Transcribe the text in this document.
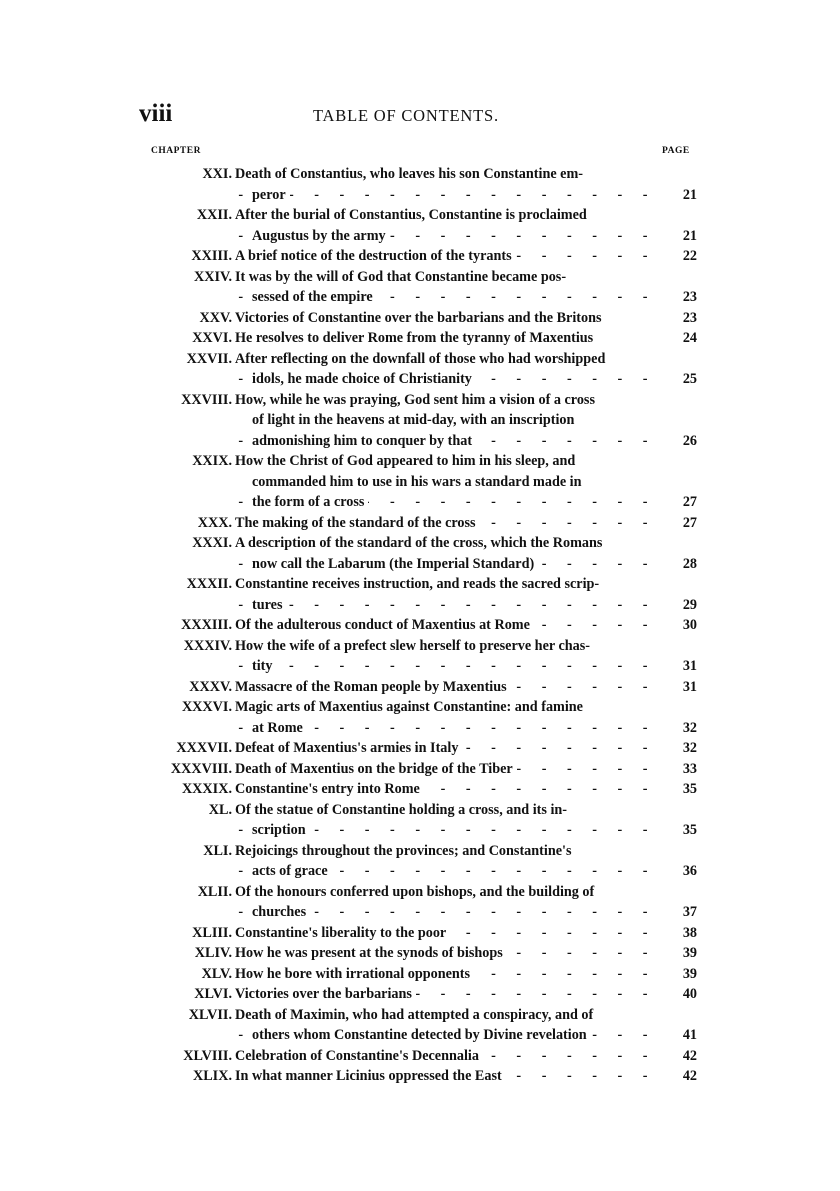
viii	TABLE OF CONTENTS.
CHAPTER	PAGE
XXI. Death of Constantius, who leaves his son Constantine em-
peror - - -	21
XXII. After the burial of Constantius, Constantine is proclaimed
Augustus by the army - - -	21
XXIII. A brief notice of the destruction of the tyrants - - -	22
XXIV. It was by the will of God that Constantine became pos-
sessed of the empire - - -	23
XXV. Victories of Constantine over the barbarians and the Britons	23
XXVI. He resolves to deliver Rome from the tyranny of Maxentius	24
XXVII. After reflecting on the downfall of those who had worshipped
idols, he made choice of Christianity - - -	25
XXVIII. How, while he was praying, God sent him a vision of a cross
of light in the heavens at mid-day, with an inscription
admonishing him to conquer by that - - -	26
XXIX. How the Christ of God appeared to him in his sleep, and
commanded him to use in his wars a standard made in
the form of a cross - - -	27
XXX. The making of the standard of the cross - - -	27
XXXI. A description of the standard of the cross, which the Romans
now call the Labarum (the Imperial Standard) - - -	28
XXXII. Constantine receives instruction, and reads the sacred scrip-
tures - - -	29
XXXIII. Of the adulterous conduct of Maxentius at Rome - - -	30
XXXIV. How the wife of a prefect slew herself to preserve her chas-
tity - - -	31
XXXV. Massacre of the Roman people by Maxentius - - -	31
XXXVI. Magic arts of Maxentius against Constantine: and famine
at Rome - - -	32
XXXVII. Defeat of Maxentius's armies in Italy - - -	32
XXXVIII. Death of Maxentius on the bridge of the Tiber - - -	33
XXXIX. Constantine's entry into Rome - - -	35
XL. Of the statue of Constantine holding a cross, and its in-
scription - - -	35
XLI. Rejoicings throughout the provinces; and Constantine's
acts of grace - - -	36
XLII. Of the honours conferred upon bishops, and the building of
churches - - -	37
XLIII. Constantine's liberality to the poor - - -	38
XLIV. How he was present at the synods of bishops - - -	39
XLV. How he bore with irrational opponents - - -	39
XLVI. Victories over the barbarians - - -	40
XLVII. Death of Maximin, who had attempted a conspiracy, and of
others whom Constantine detected by Divine revelation - - -	41
XLVIII. Celebration of Constantine's Decennalia - - -	42
XLIX. In what manner Licinius oppressed the East - - -	42
